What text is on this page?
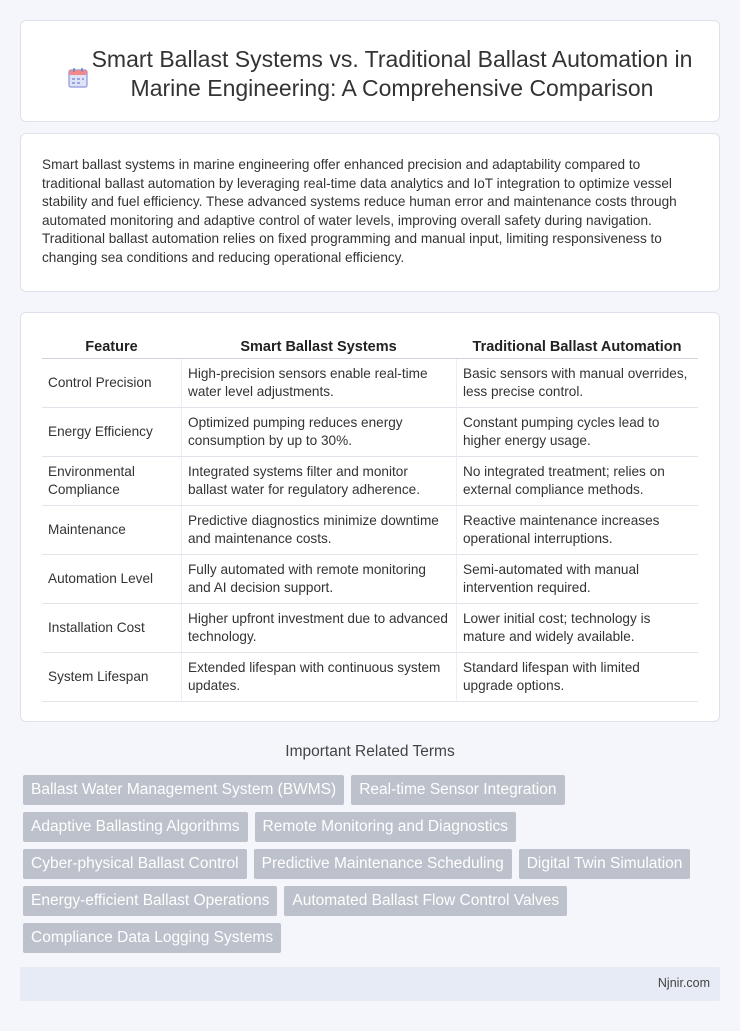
Smart Ballast Systems vs. Traditional Ballast Automation in Marine Engineering: A Comprehensive Comparison

Smart ballast systems in marine engineering offer enhanced precision and adaptability compared to traditional ballast automation by leveraging real-time data analytics and IoT integration to optimize vessel stability and fuel efficiency. These advanced systems reduce human error and maintenance costs through automated monitoring and adaptive control of water levels, improving overall safety during navigation. Traditional ballast automation relies on fixed programming and manual input, limiting responsiveness to changing sea conditions and reducing operational efficiency.

Feature	Smart Ballast Systems	Traditional Ballast Automation
Control Precision	High-precision sensors enable real-time water level adjustments.	Basic sensors with manual overrides, less precise control.
Energy Efficiency	Optimized pumping reduces energy consumption by up to 30%.	Constant pumping cycles lead to higher energy usage.
Environmental Compliance	Integrated systems filter and monitor ballast water for regulatory adherence.	No integrated treatment; relies on external compliance methods.
Maintenance	Predictive diagnostics minimize downtime and maintenance costs.	Reactive maintenance increases operational interruptions.
Automation Level	Fully automated with remote monitoring and AI decision support.	Semi-automated with manual intervention required.
Installation Cost	Higher upfront investment due to advanced technology.	Lower initial cost; technology is mature and widely available.
System Lifespan	Extended lifespan with continuous system updates.	Standard lifespan with limited upgrade options.
Important Related Terms
Ballast Water Management System (BWMS)	Real-time Sensor Integration
Adaptive Ballasting Algorithms	Remote Monitoring and Diagnostics
Cyber-physical Ballast Control	Predictive Maintenance Scheduling	Digital Twin Simulation
Energy-efficient Ballast Operations	Automated Ballast Flow Control Valves
Compliance Data Logging Systems
Njnir.com
